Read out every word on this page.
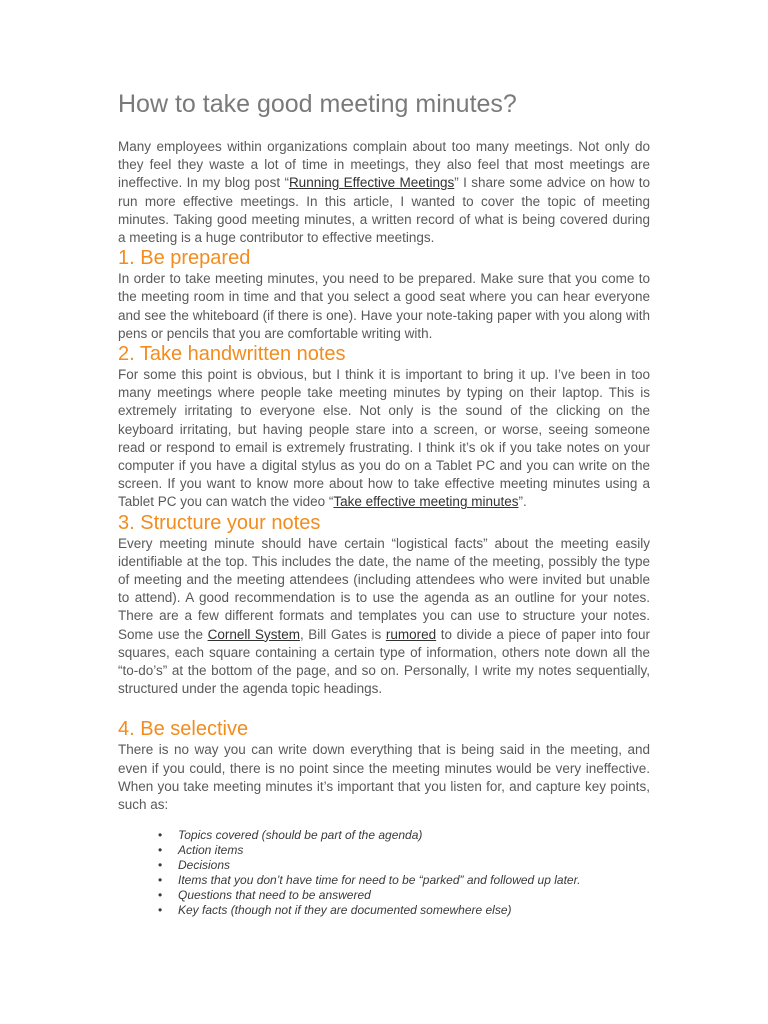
How to take good meeting minutes?

Many employees within organizations complain about too many meetings. Not only do they feel they waste a lot of time in meetings, they also feel that most meetings are ineffective. In my blog post “Running Effective Meetings” I share some advice on how to run more effective meetings. In this article, I wanted to cover the topic of meeting minutes. Taking good meeting minutes, a written record of what is being covered during a meeting is a huge contributor to effective meetings.

1. Be prepared

In order to take meeting minutes, you need to be prepared. Make sure that you come to the meeting room in time and that you select a good seat where you can hear everyone and see the whiteboard (if there is one). Have your note-taking paper with you along with pens or pencils that you are comfortable writing with.

2. Take handwritten notes

For some this point is obvious, but I think it is important to bring it up. I’ve been in too many meetings where people take meeting minutes by typing on their laptop. This is extremely irritating to everyone else. Not only is the sound of the clicking on the keyboard irritating, but having people stare into a screen, or worse, seeing someone read or respond to email is extremely frustrating. I think it’s ok if you take notes on your computer if you have a digital stylus as you do on a Tablet PC and you can write on the screen. If you want to know more about how to take effective meeting minutes using a Tablet PC you can watch the video “Take effective meeting minutes”.

3. Structure your notes

Every meeting minute should have certain “logistical facts” about the meeting easily identifiable at the top. This includes the date, the name of the meeting, possibly the type of meeting and the meeting attendees (including attendees who were invited but unable to attend). A good recommendation is to use the agenda as an outline for your notes. There are a few different formats and templates you can use to structure your notes. Some use the Cornell System, Bill Gates is rumored to divide a piece of paper into four squares, each square containing a certain type of information, others note down all the “to-do’s” at the bottom of the page, and so on. Personally, I write my notes sequentially, structured under the agenda topic headings.

4. Be selective

There is no way you can write down everything that is being said in the meeting, and even if you could, there is no point since the meeting minutes would be very ineffective. When you take meeting minutes it’s important that you listen for, and capture key points, such as:

• Topics covered (should be part of the agenda)
• Action items
• Decisions
• Items that you don’t have time for need to be “parked” and followed up later.
• Questions that need to be answered
• Key facts (though not if they are documented somewhere else)
